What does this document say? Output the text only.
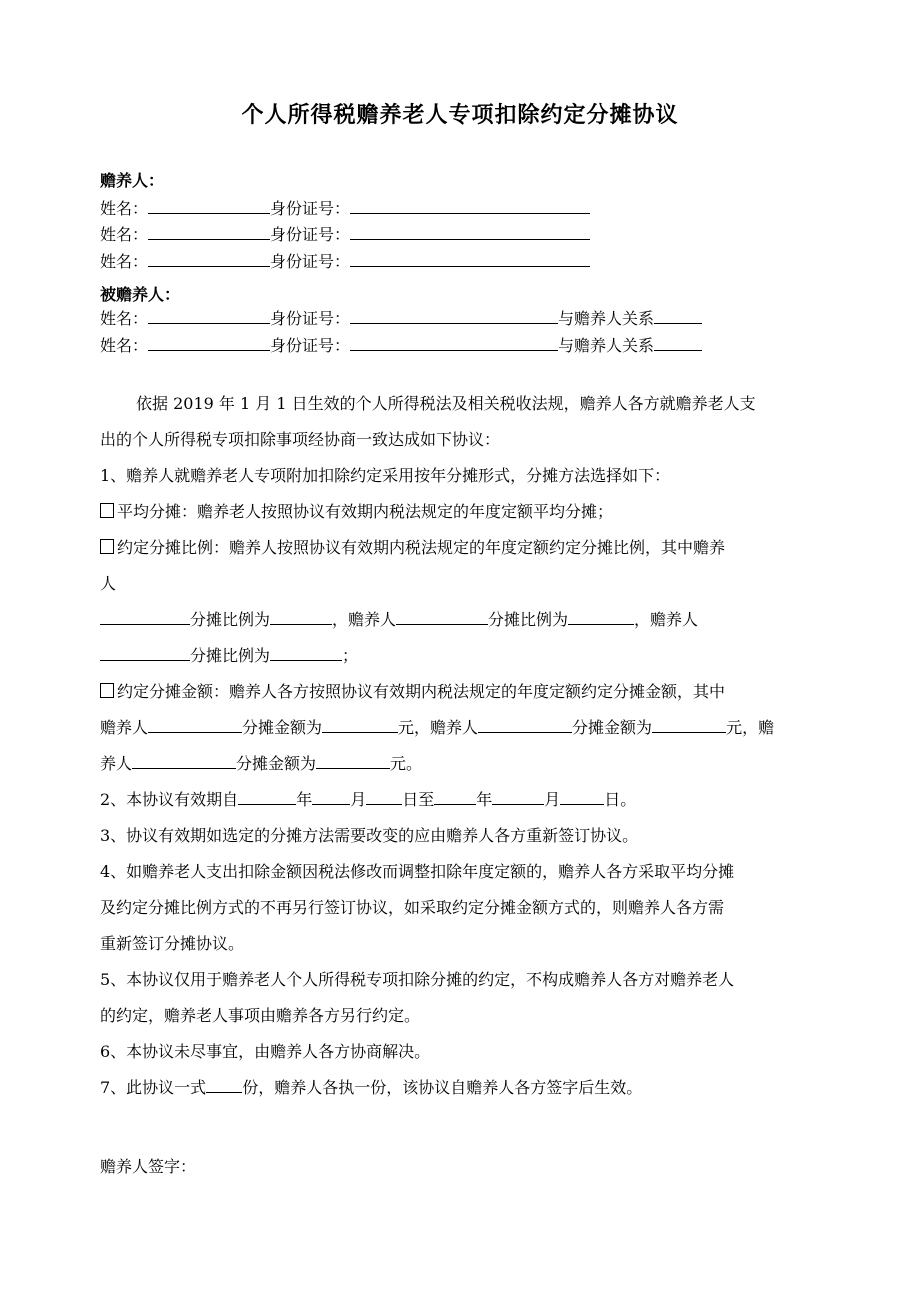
个人所得税赡养老人专项扣除约定分摊协议
赡养人：
姓名：	身份证号：
姓名：	身份证号：
姓名：	身份证号：
被赡养人：
姓名：	身份证号：	与赡养人关系
姓名：	身份证号：	与赡养人关系
依据 2019 年 1 月 1 日生效的个人所得税法及相关税收法规，赡养人各方就赡养老人支
出的个人所得税专项扣除事项经协商一致达成如下协议：
1、赡养人就赡养老人专项附加扣除约定采用按年分摊形式，分摊方法选择如下：
平均分摊：赡养老人按照协议有效期内税法规定的年度定额平均分摊；
约定分摊比例：赡养人按照协议有效期内税法规定的年度定额约定分摊比例，其中赡养
人
分摊比例为	，赡养人	分摊比例为	，赡养人
分摊比例为	；
约定分摊金额：赡养人各方按照协议有效期内税法规定的年度定额约定分摊金额，其中
赡养人	分摊金额为	元，赡养人	分摊金额为	元，赡
养人	分摊金额为	元。
2、本协议有效期自	年 月 日至	年	月	日。
3、协议有效期如选定的分摊方法需要改变的应由赡养人各方重新签订协议。
4、如赡养老人支出扣除金额因税法修改而调整扣除年度定额的，赡养人各方采取平均分摊
及约定分摊比例方式的不再另行签订协议，如采取约定分摊金额方式的，则赡养人各方需
重新签订分摊协议。
5、本协议仅用于赡养老人个人所得税专项扣除分摊的约定，不构成赡养人各方对赡养老人
的约定，赡养老人事项由赡养各方另行约定。
6、本协议未尽事宜，由赡养人各方协商解决。
7、此协议一式 份，赡养人各执一份，该协议自赡养人各方签字后生效。
赡养人签字：
